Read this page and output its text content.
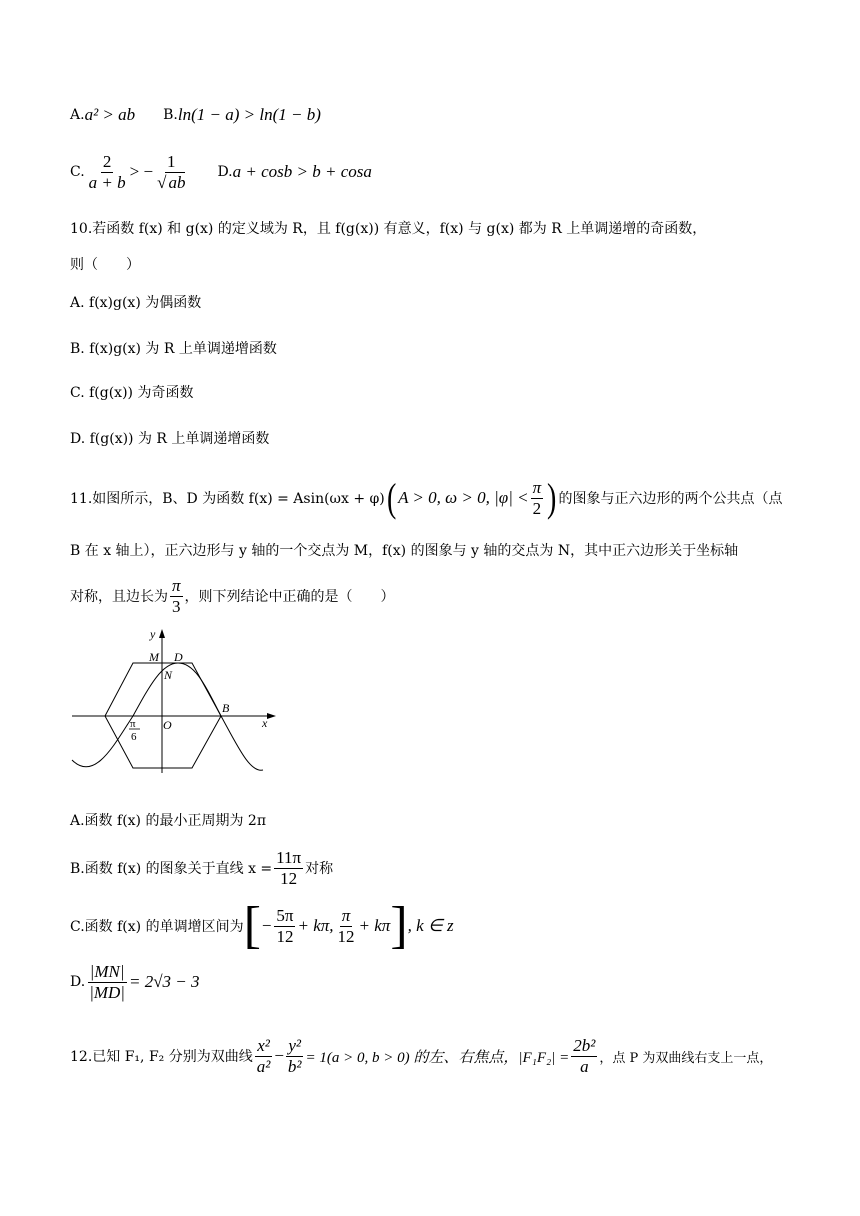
A. a² > ab B. ln(1 − a) > ln(1 − b)
C. $\frac{2}{a + b}$ > − $\frac{1}{√ ab} D$. a + cosb > b + cosa
10.若函数 f(x) 和 g(x) 的定义域为 R，且 f(g(x)) 有意义，f(x) 与 g(x) 都为 R 上单调递增的奇函数，
则（　　）
A. f(x)g(x) 为偶函数
B. f(x)g(x) 为 R 上单调递增函数
C. f(g(x)) 为奇函数
D. f(g(x)) 为 R 上单调递增函数
11.如图所示，B、D 为函数 f(x) = Asin(ωx + φ) ( A > 0, ω > 0, $|\varphi| < \frac{\pi}{2}$ ) 的图象与正六边形的两个公共点（点
B 在 x 轴上），正六边形与 y 轴的一个交点为 M，f(x) 的图象与 y 轴的交点为 N，其中正六边形关于坐标轴
对称，且边长为 $\frac{\pi}{3}$ ，则下列结论中正确的是（　　）
y
x
M D
N
O
B
π
6
A.函数 f(x) 的最小正周期为 2π
B.函数 f(x) 的图象关于直线 $x = \frac{11\pi}{12}$ 对称
C.函数 f(x) 的单调增区间为 [ − $\frac{5\pi}{12} + k\pi$, $\frac{\pi}{12} + k\pi$ ] , k ∈ z
D. $\frac{|MN|}{|MD|} = 2√3 - 3$
12.已知 F₁, F₂ 分别为双曲线 $\frac{\text{x²}}{\text{a²}} - \frac{\text{y²}}{\text{b²}} = 1(a > 0$, b > 0) 的左、右焦点，$|F_1F_2| = \frac{\text{2b²}}{a}$ ，点 P 为双曲线右支上一点，
